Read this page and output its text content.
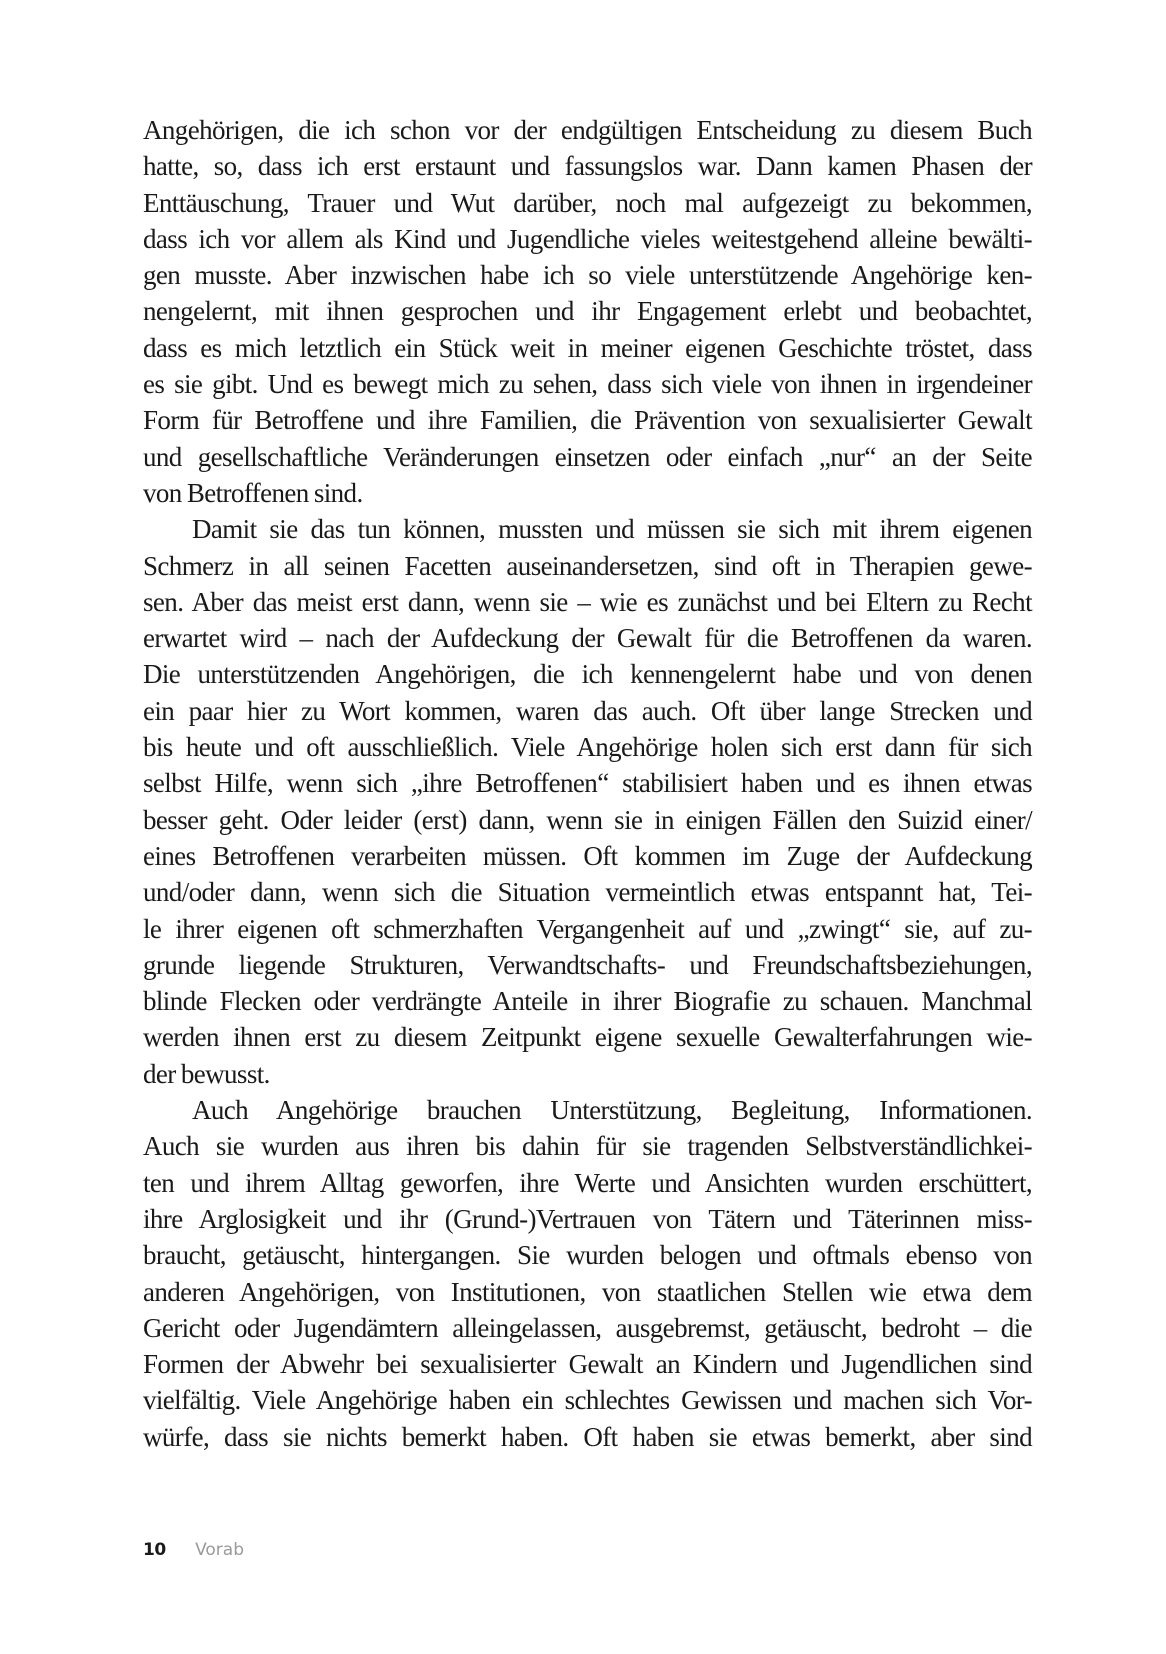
Angehörigen, die ich schon vor der endgültigen Entscheidung zu diesem Buch
hatte, so, dass ich erst erstaunt und fassungslos war. Dann kamen Phasen der
Enttäuschung, Trauer und Wut darüber, noch mal aufgezeigt zu bekommen,
dass ich vor allem als Kind und Jugendliche vieles weitestgehend alleine bewälti-
gen musste. Aber inzwischen habe ich so viele unterstützende Angehörige ken-
nengelernt, mit ihnen gesprochen und ihr Engagement erlebt und beobachtet,
dass es mich letztlich ein Stück weit in meiner eigenen Geschichte tröstet, dass
es sie gibt. Und es bewegt mich zu sehen, dass sich viele von ihnen in irgendeiner
Form für Betroffene und ihre Familien, die Prävention von sexualisierter Gewalt
und gesellschaftliche Veränderungen einsetzen oder einfach „nur“ an der Seite
von Betroffenen sind.
Damit sie das tun können, mussten und müssen sie sich mit ihrem eigenen
Schmerz in all seinen Facetten auseinandersetzen, sind oft in Therapien gewe-
sen. Aber das meist erst dann, wenn sie – wie es zunächst und bei Eltern zu Recht
erwartet wird – nach der Aufdeckung der Gewalt für die Betroffenen da waren.
Die unterstützenden Angehörigen, die ich kennengelernt habe und von denen
ein paar hier zu Wort kommen, waren das auch. Oft über lange Strecken und
bis heute und oft ausschließlich. Viele Angehörige holen sich erst dann für sich
selbst Hilfe, wenn sich „ihre Betroffenen“ stabilisiert haben und es ihnen etwas
besser geht. Oder leider (erst) dann, wenn sie in einigen Fällen den Suizid einer/
eines Betroffenen verarbeiten müssen. Oft kommen im Zuge der Aufdeckung
und/oder dann, wenn sich die Situation vermeintlich etwas entspannt hat, Tei-
le ihrer eigenen oft schmerzhaften Vergangenheit auf und „zwingt“ sie, auf zu-
grunde liegende Strukturen, Verwandtschafts- und Freundschaftsbeziehungen,
blinde Flecken oder verdrängte Anteile in ihrer Biografie zu schauen. Manchmal
werden ihnen erst zu diesem Zeitpunkt eigene sexuelle Gewalterfahrungen wie-
der bewusst.
Auch Angehörige brauchen Unterstützung, Begleitung, Informationen.
Auch sie wurden aus ihren bis dahin für sie tragenden Selbstverständlichkei-
ten und ihrem Alltag geworfen, ihre Werte und Ansichten wurden erschüttert,
ihre Arglosigkeit und ihr (Grund-)Vertrauen von Tätern und Täterinnen miss-
braucht, getäuscht, hintergangen. Sie wurden belogen und oftmals ebenso von
anderen Angehörigen, von Institutionen, von staatlichen Stellen wie etwa dem
Gericht oder Jugendämtern alleingelassen, ausgebremst, getäuscht, bedroht – die
Formen der Abwehr bei sexualisierter Gewalt an Kindern und Jugendlichen sind
vielfältig. Viele Angehörige haben ein schlechtes Gewissen und machen sich Vor-
würfe, dass sie nichts bemerkt haben. Oft haben sie etwas bemerkt, aber sind
10 Vorab
